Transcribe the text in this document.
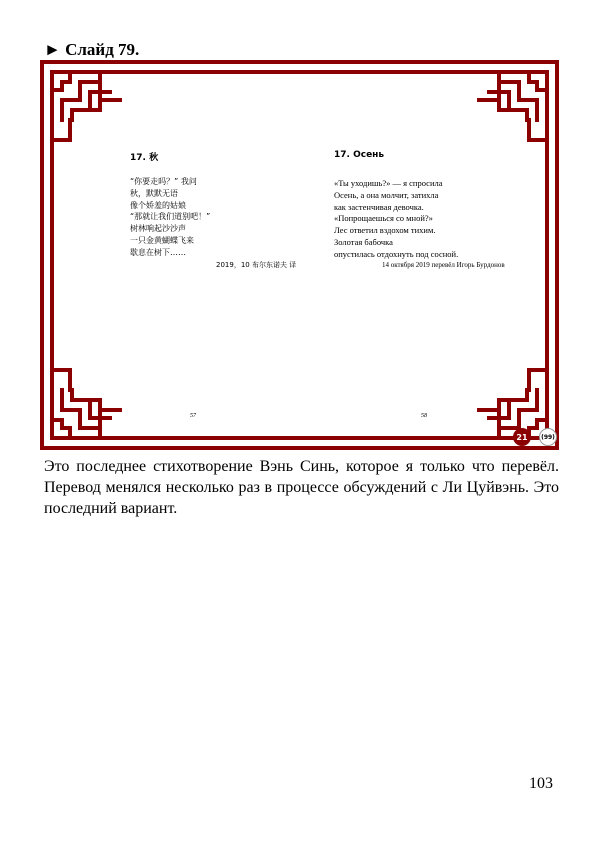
► Слайд 79.
17. 秋
“你要走吗？” 我问
秋，默默无语
像个娇羞的姑娘
“那就让我们道别吧！”
树林响起沙沙声
一只金黄蝴蝶飞来
歇息在树下……
2019，10 布尔东诺夫 译
17. Осень
«Ты уходишь?» — я спросила
Осень, а она молчит, затихла
как застенчивая девочка.
«Попрощаешься со мной?»
Лес ответил вздохом тихим.
Золотая бабочка
опустилась отдохнуть под сосной.
14 октября 2019 перевёл Игорь Бурдонов
57	58
21	(99)

Это последнее стихотворение Вэнь Синь, которое я только что перевёл. Перевод менялся несколько раз в процессе обсуждений с Ли Цуйвэнь. Это последний вариант.

103
